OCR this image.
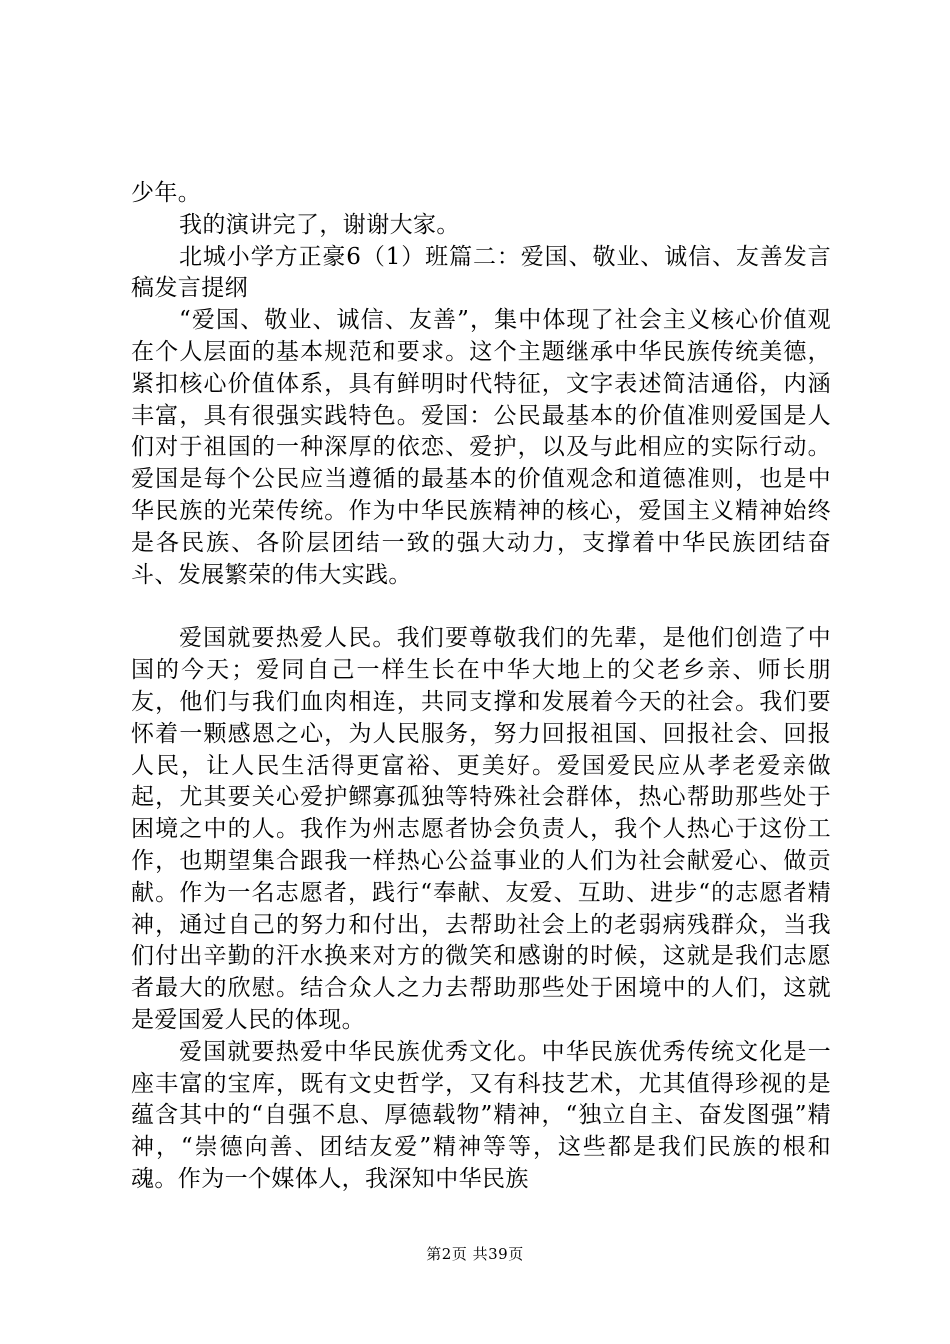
少年。

我的演讲完了，谢谢大家。

北城小学方正豪6（1）班篇二：爱国、敬业、诚信、友善发言稿发言提纲

“爱国、敬业、诚信、友善”，集中体现了社会主义核心价值观在个人层面的基本规范和要求。这个主题继承中华民族传统美德，紧扣核心价值体系，具有鲜明时代特征，文字表述简洁通俗，内涵丰富，具有很强实践特色。爱国：公民最基本的价值准则爱国是人们对于祖国的一种深厚的依恋、爱护，以及与此相应的实际行动。爱国是每个公民应当遵循的最基本的价值观念和道德准则，也是中华民族的光荣传统。作为中华民族精神的核心，爱国主义精神始终是各民族、各阶层团结一致的强大动力，支撑着中华民族团结奋斗、发展繁荣的伟大实践。

爱国就要热爱人民。我们要尊敬我们的先辈，是他们创造了中国的今天；爱同自己一样生长在中华大地上的父老乡亲、师长朋友，他们与我们血肉相连，共同支撑和发展着今天的社会。我们要怀着一颗感恩之心，为人民服务，努力回报祖国、回报社会、回报人民，让人民生活得更富裕、更美好。爱国爱民应从孝老爱亲做起，尤其要关心爱护鳏寡孤独等特殊社会群体，热心帮助那些处于困境之中的人。我作为州志愿者协会负责人，我个人热心于这份工作，也期望集合跟我一样热心公益事业的人们为社会献爱心、做贡献。作为一名志愿者，践行“奉献、友爱、互助、进步“的志愿者精神，通过自己的努力和付出，去帮助社会上的老弱病残群众，当我们付出辛勤的汗水换来对方的微笑和感谢的时候，这就是我们志愿者最大的欣慰。结合众人之力去帮助那些处于困境中的人们，这就是爱国爱人民的体现。

爱国就要热爱中华民族优秀文化。中华民族优秀传统文化是一座丰富的宝库，既有文史哲学，又有科技艺术，尤其值得珍视的是蕴含其中的“自强不息、厚德载物”精神，“独立自主、奋发图强”精神，“崇德向善、团结友爱”精神等等，这些都是我们民族的根和魂。作为一个媒体人，我深知中华民族

第2页 共39页
